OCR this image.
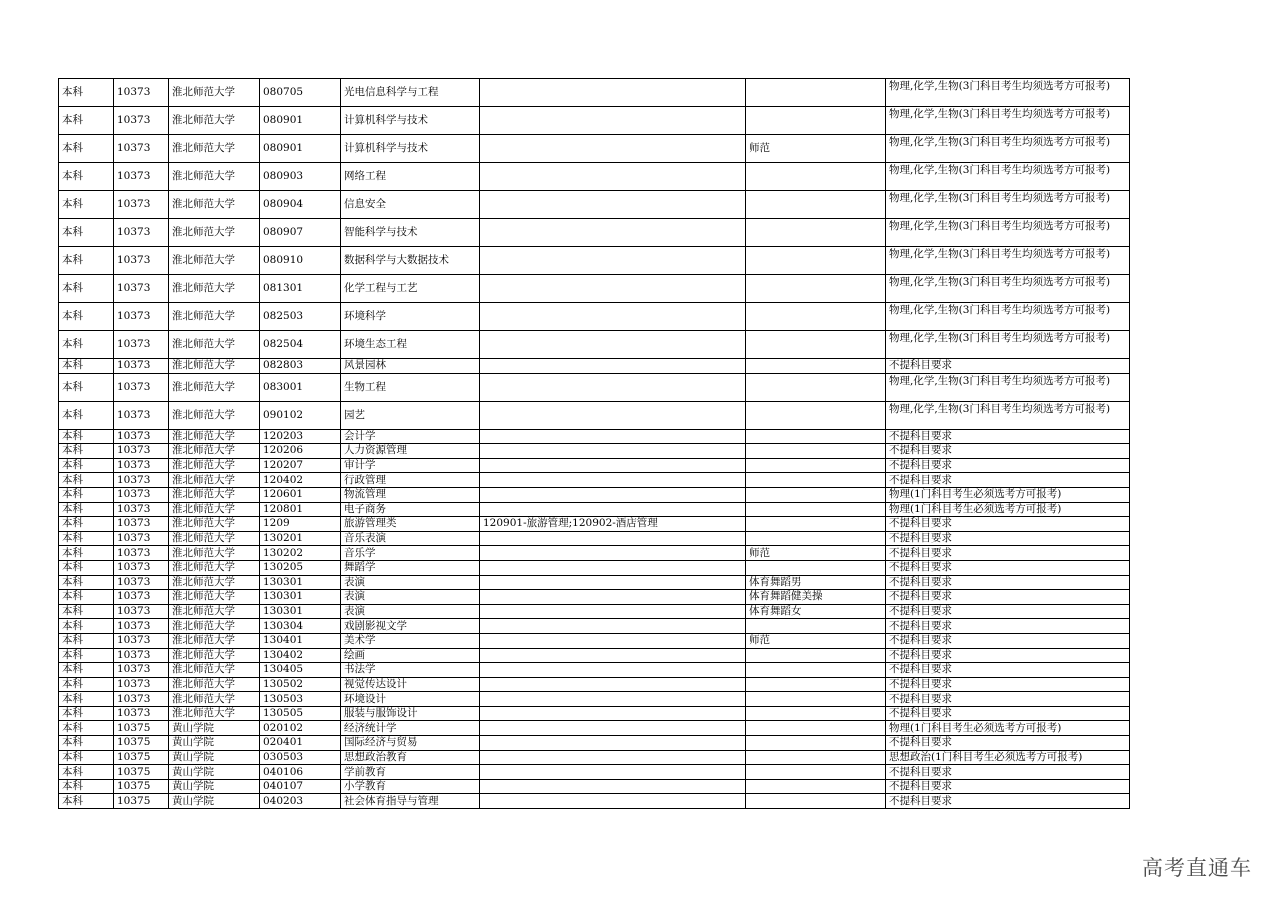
本科	10373	淮北师范大学	080705	光电信息科学与工程			物理,化学,生物(3门科目考生均须选考方可报考)
本科	10373	淮北师范大学	080901	计算机科学与技术			物理,化学,生物(3门科目考生均须选考方可报考)
本科	10373	淮北师范大学	080901	计算机科学与技术		师范	物理,化学,生物(3门科目考生均须选考方可报考)
本科	10373	淮北师范大学	080903	网络工程			物理,化学,生物(3门科目考生均须选考方可报考)
本科	10373	淮北师范大学	080904	信息安全			物理,化学,生物(3门科目考生均须选考方可报考)
本科	10373	淮北师范大学	080907	智能科学与技术			物理,化学,生物(3门科目考生均须选考方可报考)
本科	10373	淮北师范大学	080910	数据科学与大数据技术			物理,化学,生物(3门科目考生均须选考方可报考)
本科	10373	淮北师范大学	081301	化学工程与工艺			物理,化学,生物(3门科目考生均须选考方可报考)
本科	10373	淮北师范大学	082503	环境科学			物理,化学,生物(3门科目考生均须选考方可报考)
本科	10373	淮北师范大学	082504	环境生态工程			物理,化学,生物(3门科目考生均须选考方可报考)
本科	10373	淮北师范大学	082803	风景园林			不提科目要求
本科	10373	淮北师范大学	083001	生物工程			物理,化学,生物(3门科目考生均须选考方可报考)
本科	10373	淮北师范大学	090102	园艺			物理,化学,生物(3门科目考生均须选考方可报考)
本科	10373	淮北师范大学	120203	会计学			不提科目要求
本科	10373	淮北师范大学	120206	人力资源管理			不提科目要求
本科	10373	淮北师范大学	120207	审计学			不提科目要求
本科	10373	淮北师范大学	120402	行政管理			不提科目要求
本科	10373	淮北师范大学	120601	物流管理			物理(1门科目考生必须选考方可报考)
本科	10373	淮北师范大学	120801	电子商务			物理(1门科目考生必须选考方可报考)
本科	10373	淮北师范大学	1209	旅游管理类	120901-旅游管理;120902-酒店管理		不提科目要求
本科	10373	淮北师范大学	130201	音乐表演			不提科目要求
本科	10373	淮北师范大学	130202	音乐学		师范	不提科目要求
本科	10373	淮北师范大学	130205	舞蹈学			不提科目要求
本科	10373	淮北师范大学	130301	表演		体育舞蹈男	不提科目要求
本科	10373	淮北师范大学	130301	表演		体育舞蹈健美操	不提科目要求
本科	10373	淮北师范大学	130301	表演		体育舞蹈女	不提科目要求
本科	10373	淮北师范大学	130304	戏剧影视文学			不提科目要求
本科	10373	淮北师范大学	130401	美术学		师范	不提科目要求
本科	10373	淮北师范大学	130402	绘画			不提科目要求
本科	10373	淮北师范大学	130405	书法学			不提科目要求
本科	10373	淮北师范大学	130502	视觉传达设计			不提科目要求
本科	10373	淮北师范大学	130503	环境设计			不提科目要求
本科	10373	淮北师范大学	130505	服装与服饰设计			不提科目要求
本科	10375	黄山学院	020102	经济统计学			物理(1门科目考生必须选考方可报考)
本科	10375	黄山学院	020401	国际经济与贸易			不提科目要求
本科	10375	黄山学院	030503	思想政治教育			思想政治(1门科目考生必须选考方可报考)
本科	10375	黄山学院	040106	学前教育			不提科目要求
本科	10375	黄山学院	040107	小学教育			不提科目要求
本科	10375	黄山学院	040203	社会体育指导与管理			不提科目要求
高考直通车
